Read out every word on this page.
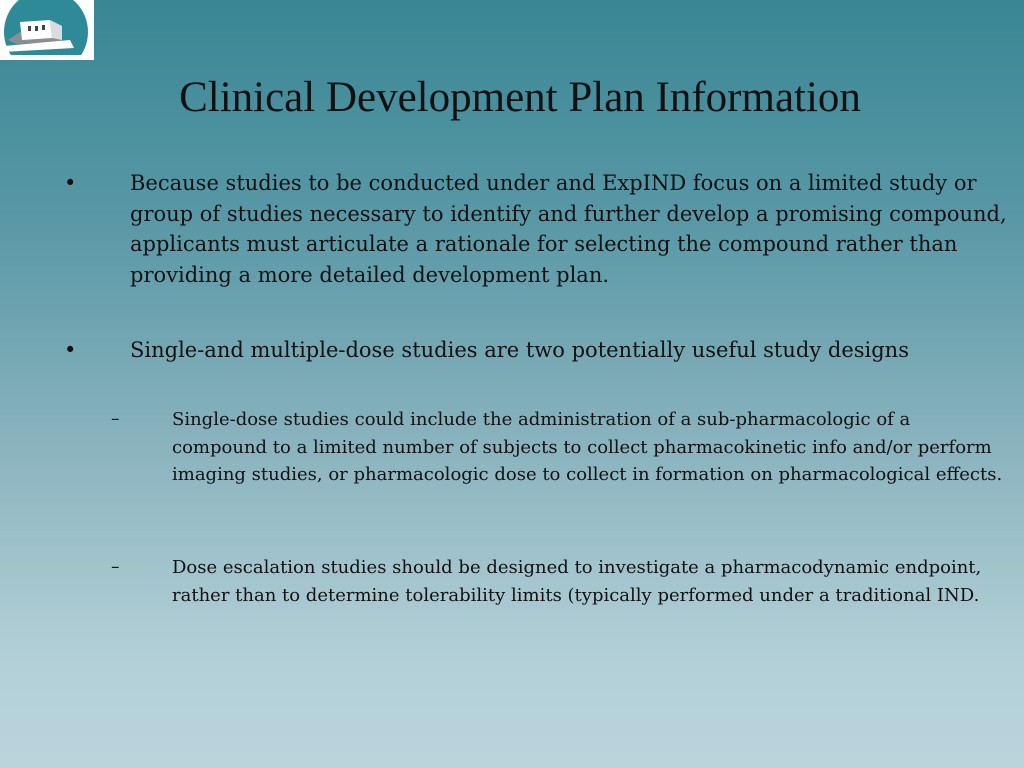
Clinical Development Plan Information
•	Because studies to be conducted under and ExpIND focus on a limited study or group of studies necessary to identify and further develop a promising compound, applicants must articulate a rationale for selecting the compound rather than providing a more detailed development plan.
•	Single-and multiple-dose studies are two potentially useful study designs
–	Single-dose studies could include the administration of a sub-pharmacologic of a compound to a limited number of subjects to collect pharmacokinetic info and/or perform imaging studies, or pharmacologic dose to collect in formation on pharmacological effects.
–	Dose escalation studies should be designed to investigate a pharmacodynamic endpoint, rather than to determine tolerability limits (typically performed under a traditional IND.
